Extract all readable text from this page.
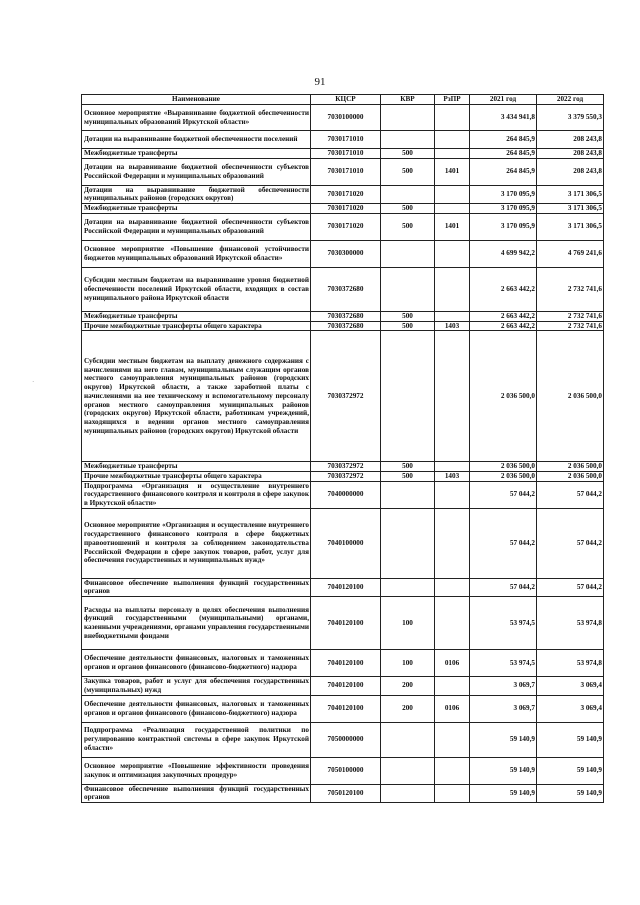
91
·
Наименование	КЦСР	КВР	РзПР	2021 год	2022 год
Основное мероприятие «Выравнивание бюджетной обеспеченности муниципальных образований Иркутской области»	7030100000			3 434 941,8	3 379 550,3
Дотации на выравнивание бюджетной обеспеченности поселений	7030171010			264 845,9	208 243,8
Межбюджетные трансферты	7030171010	500		264 845,9	208 243,8
Дотации на выравнивание бюджетной обеспеченности субъектов Российской Федерации и муниципальных образований	7030171010	500	1401	264 845,9	208 243,8
Дотации на выравнивание бюджетной обеспеченности муниципальных районов (городских округов)	7030171020			3 170 095,9	3 171 306,5
Межбюджетные трансферты	7030171020	500		3 170 095,9	3 171 306,5
Дотации на выравнивание бюджетной обеспеченности субъектов Российской Федерации и муниципальных образований	7030171020	500	1401	3 170 095,9	3 171 306,5
Основное мероприятие «Повышение финансовой устойчивости бюджетов муниципальных образований Иркутской области»	7030300000			4 699 942,2	4 769 241,6
Субсидии местным бюджетам на выравнивание уровня бюджетной обеспеченности поселений Иркутской области, входящих в состав муниципального района Иркутской области	7030372680			2 663 442,2	2 732 741,6
Межбюджетные трансферты	7030372680	500		2 663 442,2	2 732 741,6
Прочие межбюджетные трансферты общего характера	7030372680	500	1403	2 663 442,2	2 732 741,6
Субсидии местным бюджетам на выплату денежного содержания с начислениями на него главам, муниципальным служащим органов местного самоуправления муниципальных районов (городских округов) Иркутской области, а также заработной платы с начислениями на нее техническому и вспомогательному персоналу органов местного самоуправления муниципальных районов (городских округов) Иркутской области, работникам учреждений, находящихся в ведении органов местного самоуправления муниципальных районов (городских округов) Иркутской области	7030372972			2 036 500,0	2 036 500,0
Межбюджетные трансферты	7030372972	500		2 036 500,0	2 036 500,0
Прочие межбюджетные трансферты общего характера	7030372972	500	1403	2 036 500,0	2 036 500,0
Подпрограмма «Организация и осуществление внутреннего государственного финансового контроля и контроля в сфере закупок в Иркутской области»	7040000000			57 044,2	57 044,2
Основное мероприятие «Организация и осуществление внутреннего государственного финансового контроля в сфере бюджетных правоотношений и контроля за соблюдением законодательства Российской Федерации в сфере закупок товаров, работ, услуг для обеспечения государственных и муниципальных нужд»	7040100000			57 044,2	57 044,2
Финансовое обеспечение выполнения функций государственных органов	7040120100			57 044,2	57 044,2
Расходы на выплаты персоналу в целях обеспечения выполнения функций государственными (муниципальными) органами, казенными учреждениями, органами управления государственными внебюджетными фондами	7040120100	100		53 974,5	53 974,8
Обеспечение деятельности финансовых, налоговых и таможенных органов и органов финансового (финансово-бюджетного) надзора	7040120100	100	0106	53 974,5	53 974,8
Закупка товаров, работ и услуг для обеспечения государственных (муниципальных) нужд	7040120100	200		3 069,7	3 069,4
Обеспечение деятельности финансовых, налоговых и таможенных органов и органов финансового (финансово-бюджетного) надзора	7040120100	200	0106	3 069,7	3 069,4
Подпрограмма «Реализация государственной политики по регулированию контрактной системы в сфере закупок Иркутской области»	7050000000			59 140,9	59 140,9
Основное мероприятие «Повышение эффективности проведения закупок и оптимизация закупочных процедур»	7050100000			59 140,9	59 140,9
Финансовое обеспечение выполнения функций государственных органов	7050120100			59 140,9	59 140,9
